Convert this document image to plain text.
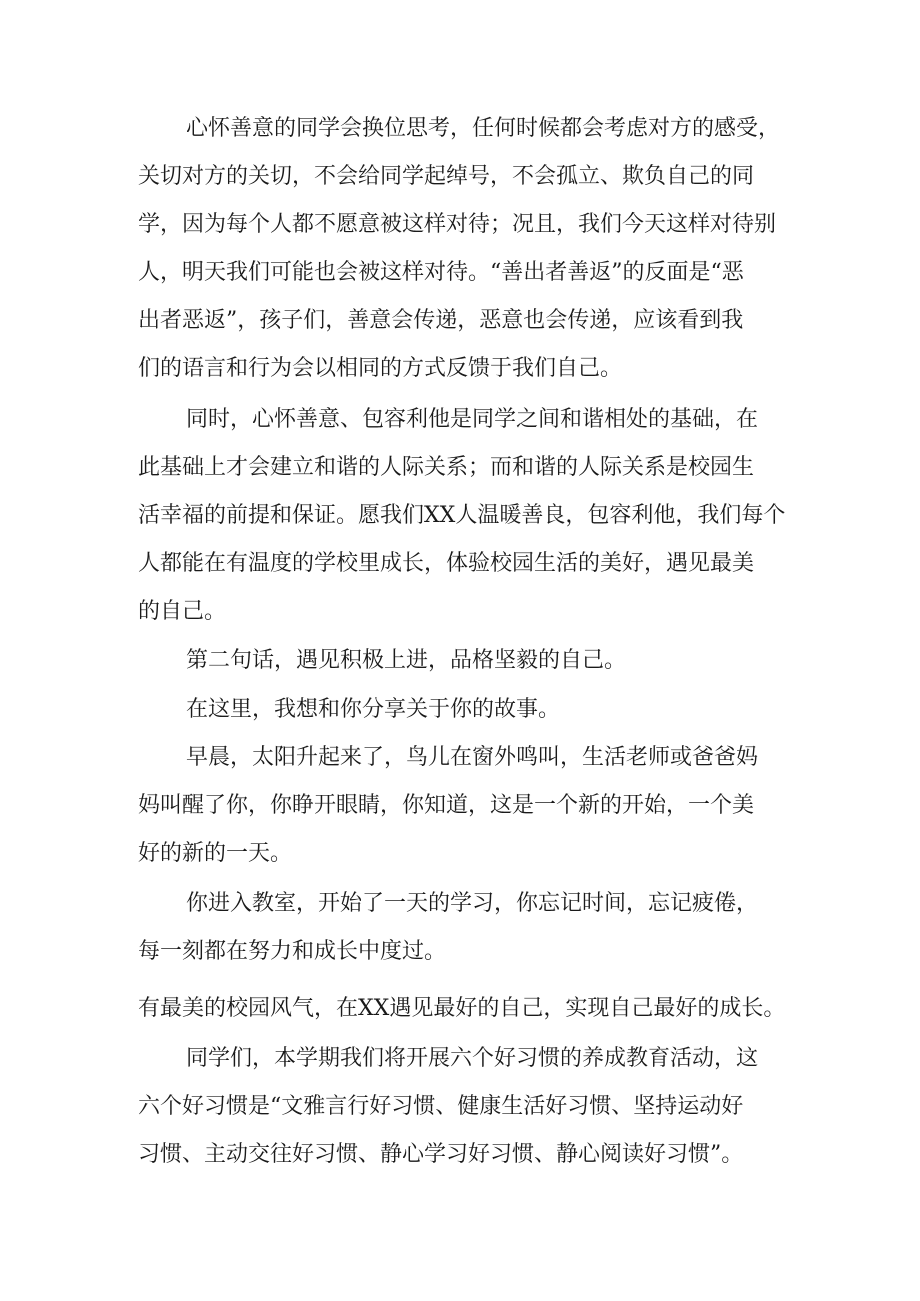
心怀善意的同学会换位思考，任何时候都会考虑对方的感受，
关切对方的关切，不会给同学起绰号，不会孤立、欺负自己的同
学，因为每个人都不愿意被这样对待；况且，我们今天这样对待别
人，明天我们可能也会被这样对待。“善出者善返”的反面是“恶
出者恶返”，孩子们，善意会传递，恶意也会传递，应该看到我
们的语言和行为会以相同的方式反馈于我们自己。
同时，心怀善意、包容利他是同学之间和谐相处的基础，在
此基础上才会建立和谐的人际关系；而和谐的人际关系是校园生
活幸福的前提和保证。愿我们XX人温暖善良，包容利他，我们每个
人都能在有温度的学校里成长，体验校园生活的美好，遇见最美
的自己。
第二句话，遇见积极上进，品格坚毅的自己。
在这里，我想和你分享关于你的故事。
早晨，太阳升起来了，鸟儿在窗外鸣叫，生活老师或爸爸妈
妈叫醒了你，你睁开眼睛，你知道，这是一个新的开始，一个美
好的新的一天。
你进入教室，开始了一天的学习，你忘记时间，忘记疲倦，
每一刻都在努力和成长中度过。
有最美的校园风气，在XX遇见最好的自己，实现自己最好的成长。
同学们，本学期我们将开展六个好习惯的养成教育活动，这
六个好习惯是“文雅言行好习惯、健康生活好习惯、坚持运动好
习惯、主动交往好习惯、静心学习好习惯、静心阅读好习惯”。
